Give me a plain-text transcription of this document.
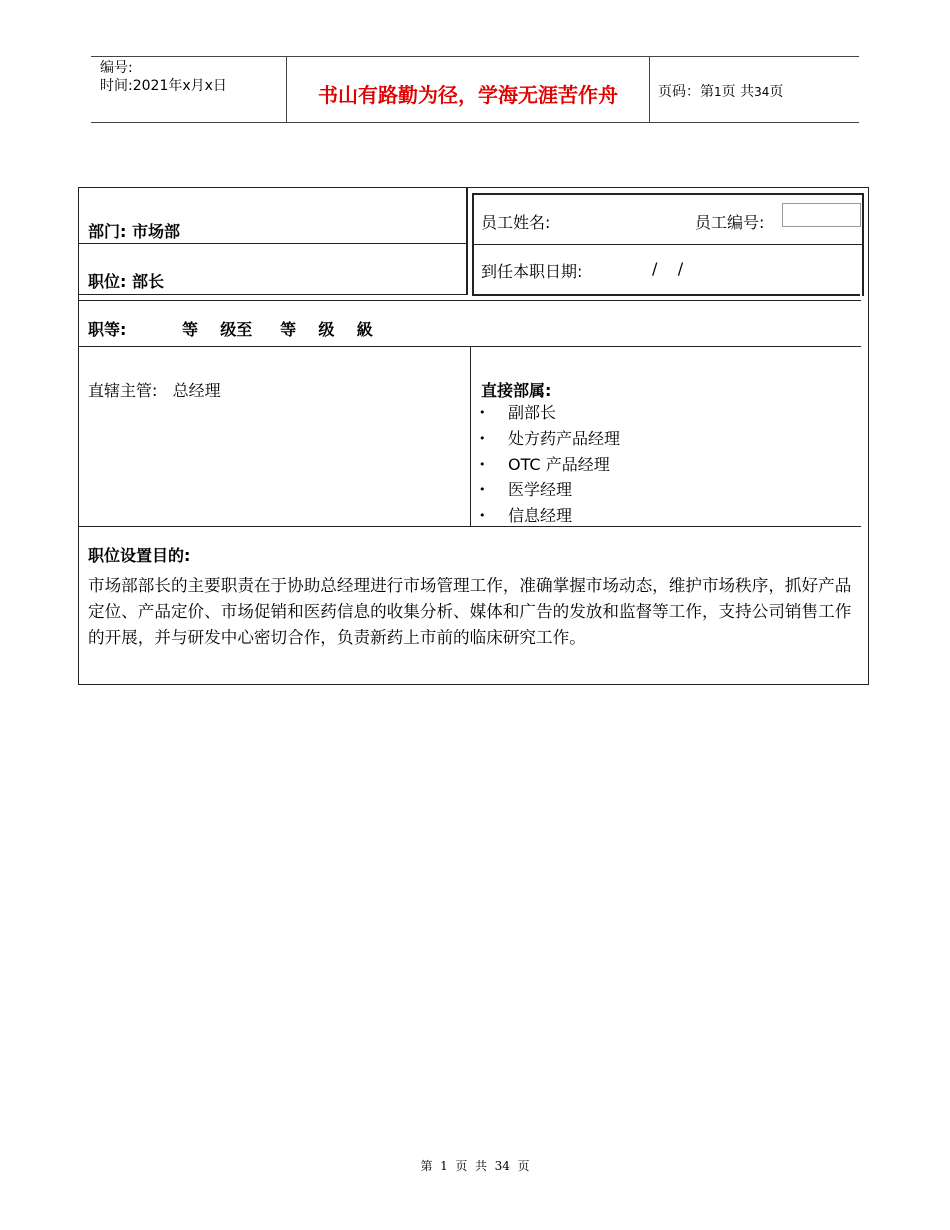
编号:
时间:2021年x月x日	书山有路勤为径，学海无涯苦作舟	页码：第1页 共34页
部门: 市场部
职位: 部长
员工姓名:	员工编号:
到任本职日期:	/    /
职等:	等    级至     等    级    級
直辖主管:   总经理	直接部属:
• 副部长
• 处方药产品经理
• OTC 产品经理
• 医学经理
• 信息经理
职位设置目的:
市场部部长的主要职责在于协助总经理进行市场管理工作，准确掌握市场动态，维护市场秩序，抓好产品定位、产品定价、市场促销和医药信息的收集分析、媒体和广告的发放和监督等工作，支持公司销售工作的开展，并与研发中心密切合作，负责新药上市前的临床研究工作。
第  1  页  共  34  页
